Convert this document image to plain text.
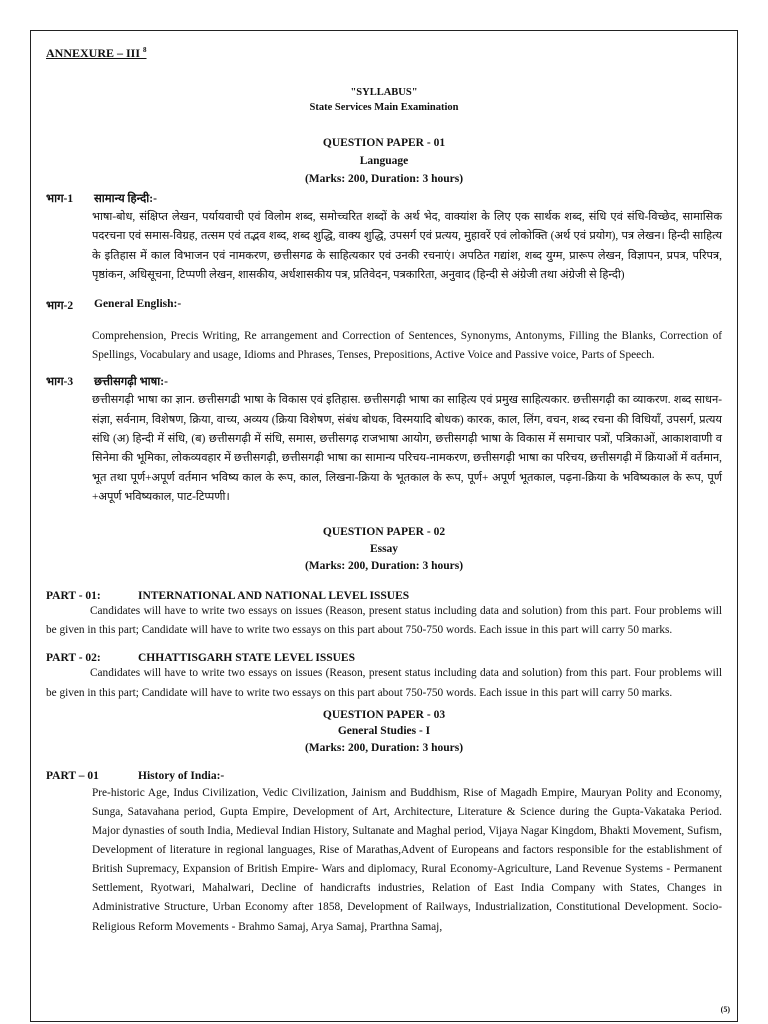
ANNEXURE – III $^8$

"SYLLABUS"

State Services Main Examination

QUESTION PAPER - 01

Language

(Marks: 200, Duration: 3 hours)

भाग-1	सामान्य हिन्दी:-

भाषा-बोध, संक्षिप्त लेखन, पर्यायवाची एवं विलोम शब्द, समोच्चरित शब्दों के अर्थ भेद, वाक्यांश के लिए एक सार्थक शब्द, संधि एवं संधि-विच्छेद, सामासिक पदरचना एवं समास-विग्रह, तत्सम एवं तद्भव शब्द, शब्द शुद्धि, वाक्य शुद्धि, उपसर्ग एवं प्रत्यय, मुहावरें एवं लोकोक्ति (अर्थ एवं प्रयोग), पत्र लेखन। हिन्दी साहित्य के इतिहास में काल विभाजन एवं नामकरण, छत्तीसगढ के साहित्यकार एवं उनकी रचनाएं। अपठित गद्यांश, शब्द युग्म, प्रारूप लेखन, विज्ञापन, प्रपत्र, परिपत्र, पृष्ठांकन, अधिसूचना, टिप्पणी लेखन, शासकीय, अर्धशासकीय पत्र, प्रतिवेदन, पत्रकारिता, अनुवाद (हिन्दी से अंग्रेजी तथा अंग्रेजी से हिन्दी)

भाग-2	General English:-

Comprehension, Precis Writing, Re arrangement and Correction of Sentences, Synonyms, Antonyms, Filling the Blanks, Correction of Spellings, Vocabulary and usage, Idioms and Phrases, Tenses, Prepositions, Active Voice and Passive voice, Parts of Speech.

भाग-3	छत्तीसगढ़ी भाषा:-

छत्तीसगढ़ी भाषा का ज्ञान. छत्तीसगढी भाषा के विकास एवं इतिहास. छत्तीसगढ़ी भाषा का साहित्य एवं प्रमुख साहित्यकार. छत्तीसगढ़ी का व्याकरण. शब्द साधन-संज्ञा, सर्वनाम, विशेषण, क्रिया, वाच्य, अव्यय (क्रिया विशेषण, संबंध बोधक, विस्मयादि बोधक) कारक, काल, लिंग, वचन, शब्द रचना की विधियाँ, उपसर्ग, प्रत्यय संधि (अ) हिन्दी में संधि, (ब) छत्तीसगढ़ी में संधि, समास, छत्तीसगढ़ राजभाषा आयोग, छत्तीसगढ़ी भाषा के विकास में समाचार पत्रों, पत्रिकाओं, आकाशवाणी व सिनेमा की भूमिका, लोकव्यवहार में छत्तीसगढ़ी, छत्तीसगढ़ी भाषा का सामान्य परिचय-नामकरण, छत्तीसगढ़ी भाषा का परिचय, छत्तीसगढ़ी में क्रियाओं में वर्तमान, भूत तथा पूर्ण+अपूर्ण वर्तमान भविष्य काल के रूप, काल, लिखना-क्रिया के भूतकाल के रूप, पूर्ण+ अपूर्ण भूतकाल, पढ़ना-क्रिया के भविष्यकाल के रूप, पूर्ण +अपूर्ण भविष्यकाल, पाट-टिप्पणी।

QUESTION PAPER - 02

Essay

(Marks: 200, Duration: 3 hours)

PART - 01:	INTERNATIONAL AND NATIONAL LEVEL ISSUES

Candidates will have to write two essays on issues (Reason, present status including data and solution) from this part. Four problems will be given in this part; Candidate will have to write two essays on this part about 750-750 words. Each issue in this part will carry 50 marks.

PART - 02:	CHHATTISGARH STATE LEVEL ISSUES

Candidates will have to write two essays on issues (Reason, present status including data and solution) from this part. Four problems will be given in this part; Candidate will have to write two essays on this part about 750-750 words. Each issue in this part will carry 50 marks.

QUESTION PAPER - 03

General Studies - I

(Marks: 200, Duration: 3 hours)

PART – 01	History of India:-

Pre-historic Age, Indus Civilization, Vedic Civilization, Jainism and Buddhism, Rise of Magadh Empire, Mauryan Polity and Economy, Sunga, Satavahana period, Gupta Empire, Development of Art, Architecture, Literature & Science during the Gupta-Vakataka Period. Major dynasties of south India, Medieval Indian History, Sultanate and Maghal period, Vijaya Nagar Kingdom, Bhakti Movement, Sufism, Development of literature in regional languages, Rise of Marathas,Advent of Europeans and factors responsible for the establishment of British Supremacy, Expansion of British Empire- Wars and diplomacy, Rural Economy-Agriculture, Land Revenue Systems - Permanent Settlement, Ryotwari, Mahalwari, Decline of handicrafts industries, Relation of East India Company with States, Changes in Administrative Structure, Urban Economy after 1858, Development of Railways, Industrialization, Constitutional Development. Socio-Religious Reform Movements - Brahmo Samaj, Arya Samaj, Prarthna Samaj,

(5)
